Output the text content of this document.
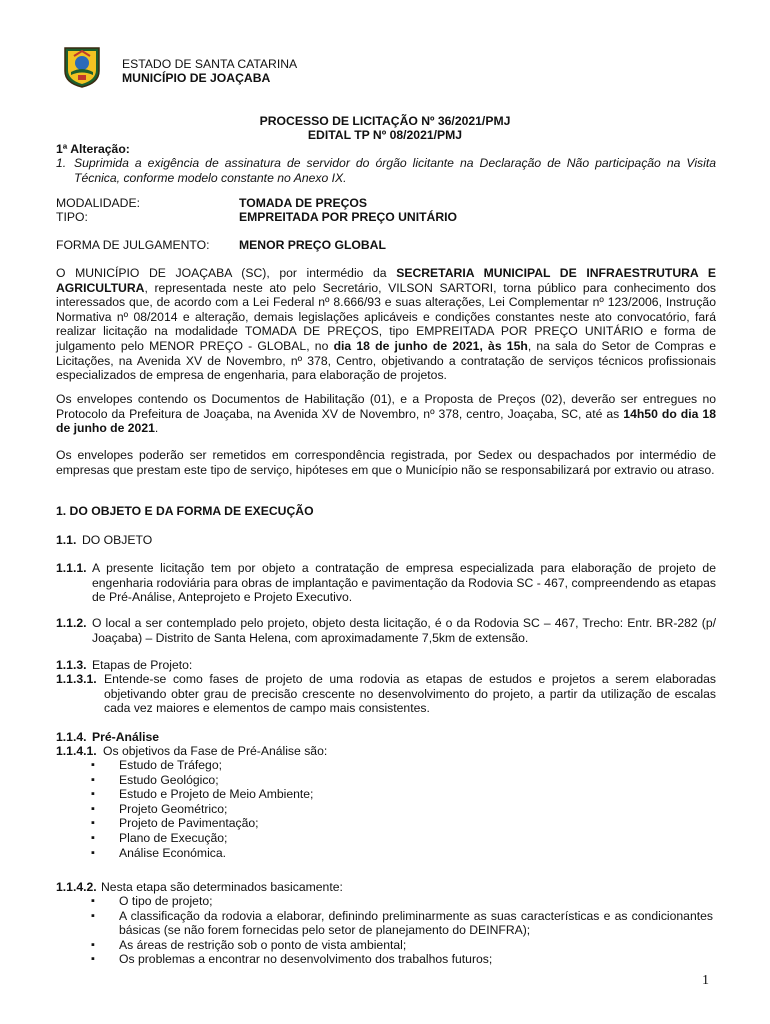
ESTADO DE SANTA CATARINA
MUNICÍPIO DE JOAÇABA
PROCESSO DE LICITAÇÃO Nº 36/2021/PMJ
EDITAL TP Nº 08/2021/PMJ
1ª Alteração:
1. Suprimida a exigência de assinatura de servidor do órgão licitante na Declaração de Não participação na Visita Técnica, conforme modelo constante no Anexo IX.
MODALIDADE:	TOMADA DE PREÇOS
TIPO:	EMPREITADA POR PREÇO UNITÁRIO
FORMA DE JULGAMENTO: MENOR PREÇO GLOBAL
O MUNICÍPIO DE JOAÇABA (SC), por intermédio da SECRETARIA MUNICIPAL DE INFRAESTRUTURA E AGRICULTURA, representada neste ato pelo Secretário, VILSON SARTORI, torna público para conhecimento dos interessados que, de acordo com a Lei Federal nº 8.666/93 e suas alterações, Lei Complementar nº 123/2006, Instrução Normativa nº 08/2014 e alteração, demais legislações aplicáveis e condições constantes neste ato convocatório, fará realizar licitação na modalidade TOMADA DE PREÇOS, tipo EMPREITADA POR PREÇO UNITÁRIO e forma de julgamento pelo MENOR PREÇO - GLOBAL, no dia 18 de junho de 2021, às 15h, na sala do Setor de Compras e Licitações, na Avenida XV de Novembro, nº 378, Centro, objetivando a contratação de serviços técnicos profissionais especializados de empresa de engenharia, para elaboração de projetos.
Os envelopes contendo os Documentos de Habilitação (01), e a Proposta de Preços (02), deverão ser entregues no Protocolo da Prefeitura de Joaçaba, na Avenida XV de Novembro, nº 378, centro, Joaçaba, SC, até as 14h50 do dia 18 de junho de 2021.
Os envelopes poderão ser remetidos em correspondência registrada, por Sedex ou despachados por intermédio de empresas que prestam este tipo de serviço, hipóteses em que o Município não se responsabilizará por extravio ou atraso.
1. DO OBJETO E DA FORMA DE EXECUÇÃO
1.1. DO OBJETO
1.1.1. A presente licitação tem por objeto a contratação de empresa especializada para elaboração de projeto de engenharia rodoviária para obras de implantação e pavimentação da Rodovia SC - 467, compreendendo as etapas de Pré-Análise, Anteprojeto e Projeto Executivo.
1.1.2. O local a ser contemplado pelo projeto, objeto desta licitação, é o da Rodovia SC – 467, Trecho: Entr. BR-282 (p/ Joaçaba) – Distrito de Santa Helena, com aproximadamente 7,5km de extensão.
1.1.3. Etapas de Projeto:
1.1.3.1. Entende-se como fases de projeto de uma rodovia as etapas de estudos e projetos a serem elaboradas objetivando obter grau de precisão crescente no desenvolvimento do projeto, a partir da utilização de escalas cada vez maiores e elementos de campo mais consistentes.
1.1.4. Pré-Análise
1.1.4.1. Os objetivos da Fase de Pré-Análise são:
▪ Estudo de Tráfego;
▪ Estudo Geológico;
▪ Estudo e Projeto de Meio Ambiente;
▪ Projeto Geométrico;
▪ Projeto de Pavimentação;
▪ Plano de Execução;
▪ Análise Económica.
1.1.4.2. Nesta etapa são determinados basicamente:
▪ O tipo de projeto;
▪ A classificação da rodovia a elaborar, definindo preliminarmente as suas características e as condicionantes básicas (se não forem fornecidas pelo setor de planejamento do DEINFRA);
▪ As áreas de restrição sob o ponto de vista ambiental;
▪ Os problemas a encontrar no desenvolvimento dos trabalhos futuros;
1
